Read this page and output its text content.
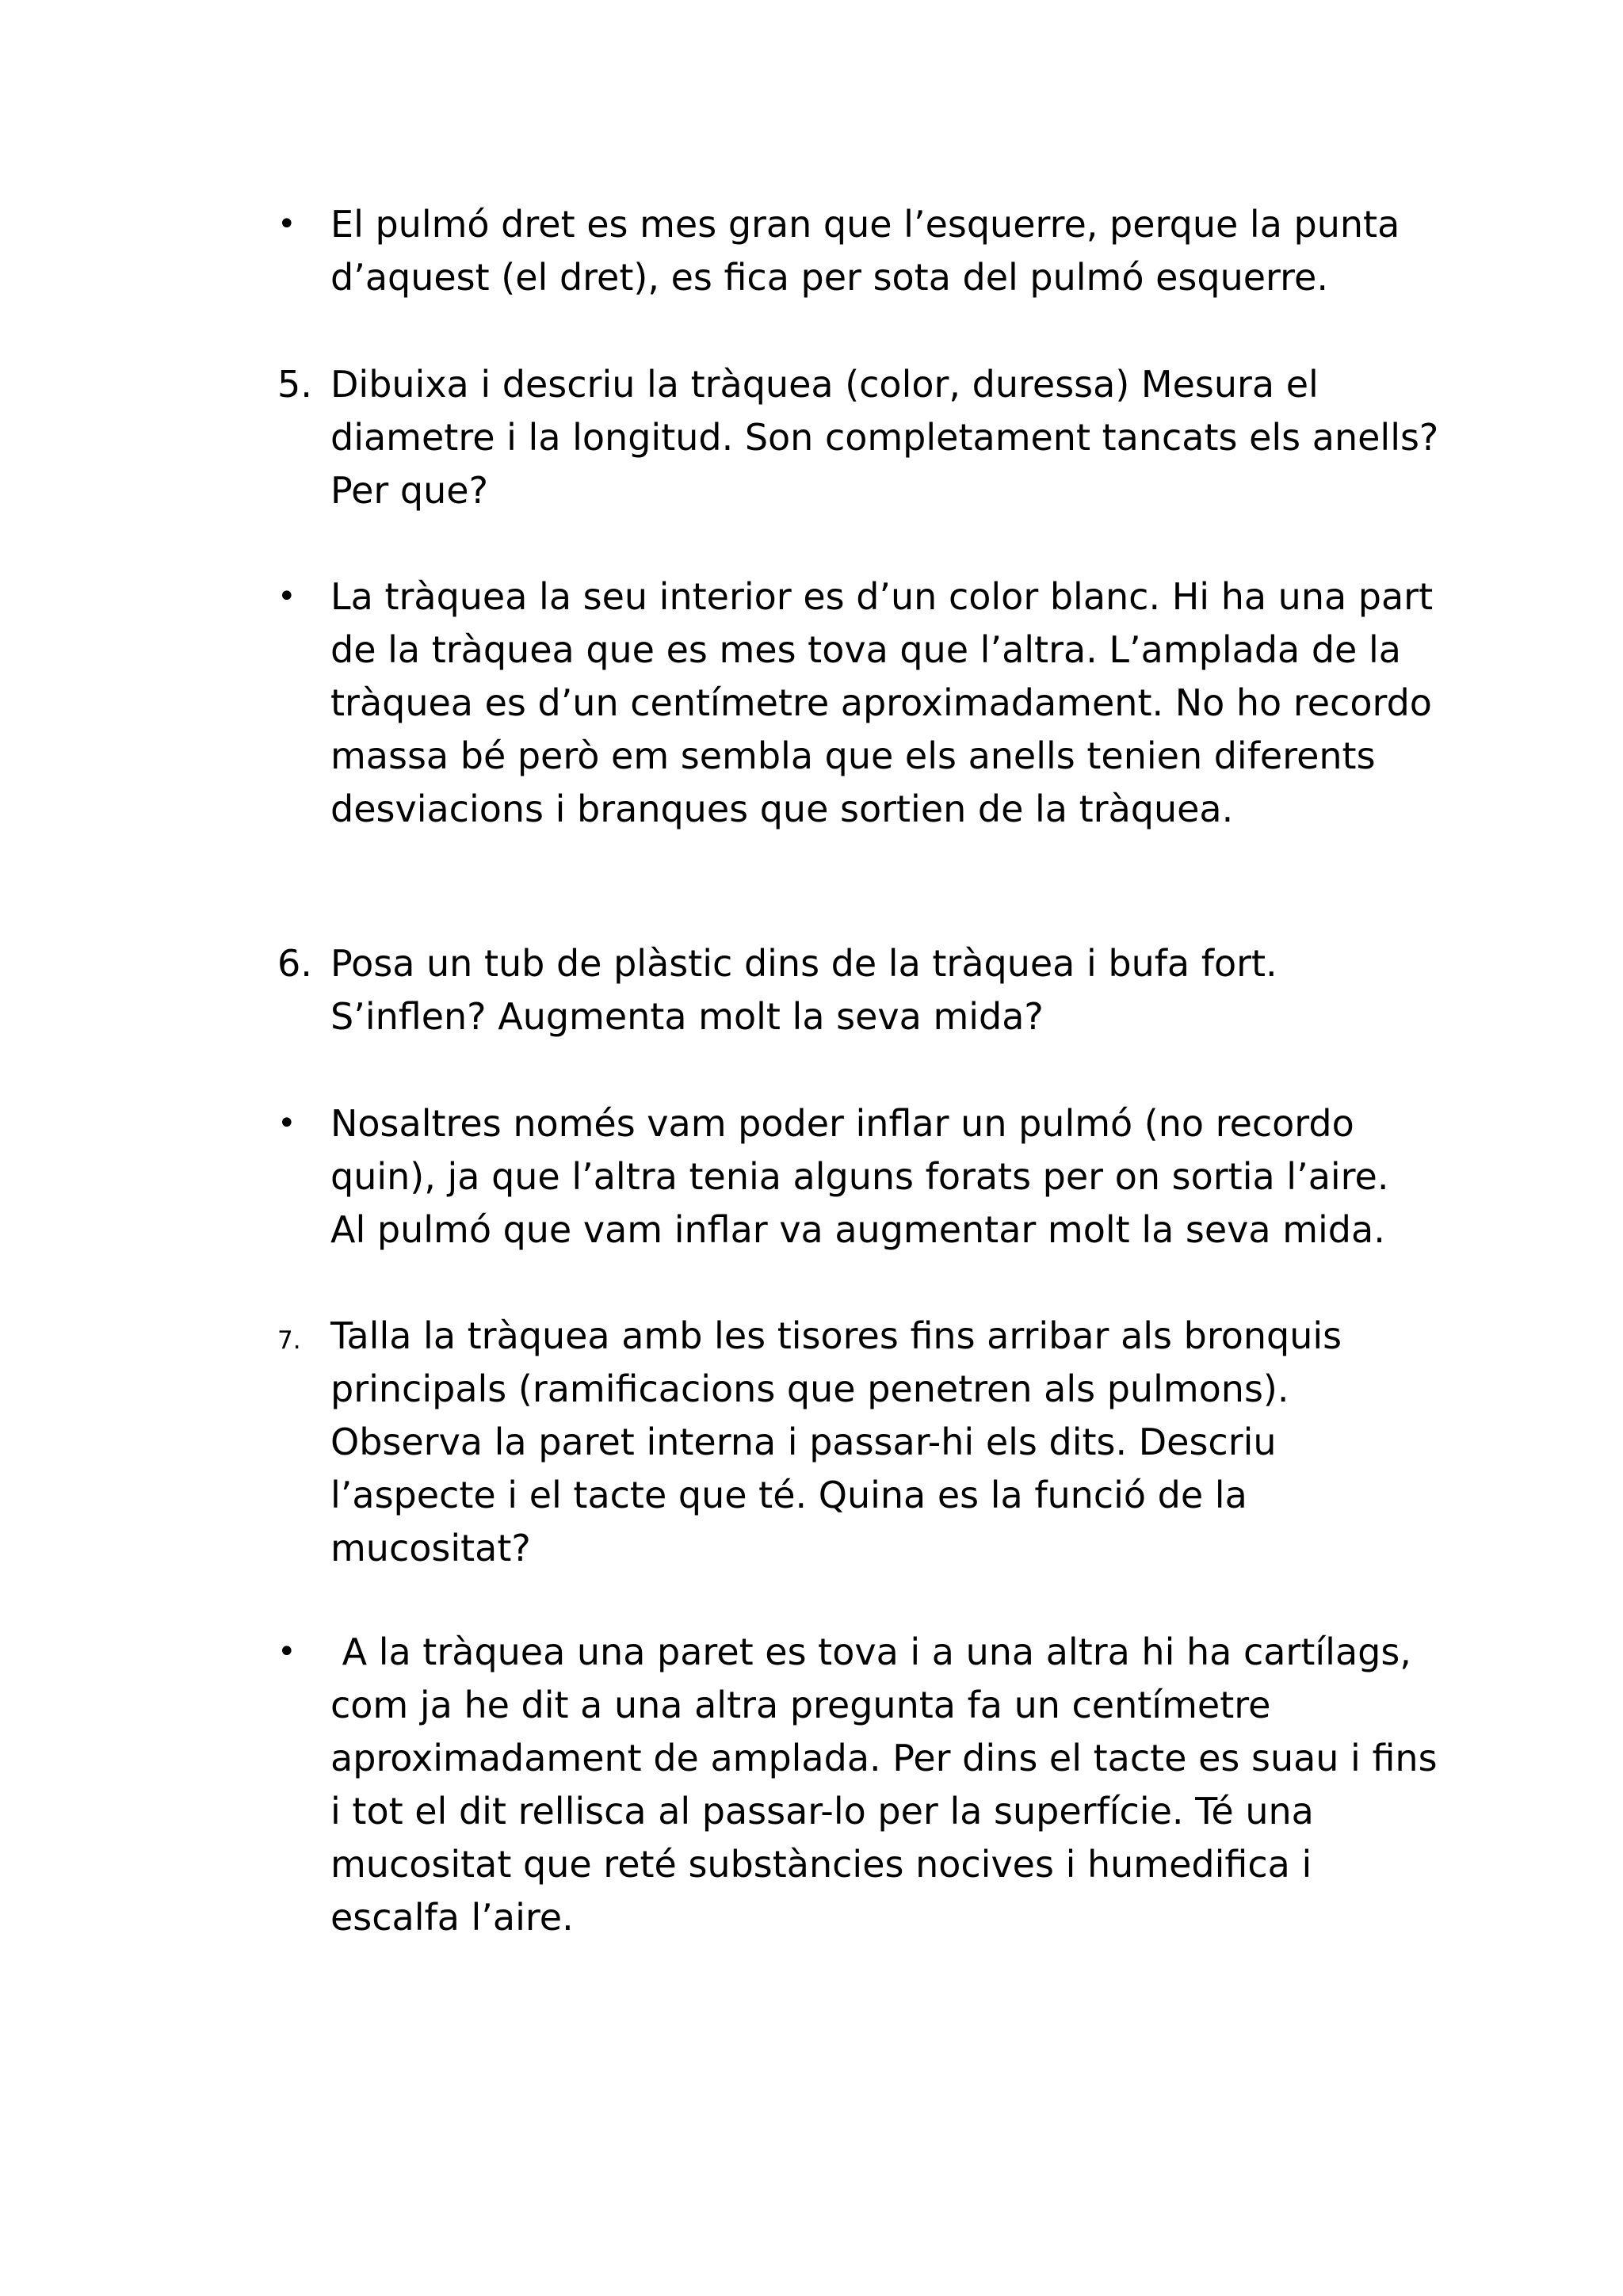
• El pulmó dret es mes gran que l’esquerre, perque la punta
d’aquest (el dret), es fica per sota del pulmó esquerre.
5. Dibuixa i descriu la tràquea (color, duressa) Mesura el
diametre i la longitud. Son completament tancats els anells?
Per que?
• La tràquea la seu interior es d’un color blanc. Hi ha una part
de la tràquea que es mes tova que l’altra. L’amplada de la
tràquea es d’un centímetre aproximadament. No ho recordo
massa bé però em sembla que els anells tenien diferents
desviacions i branques que sortien de la tràquea.
6. Posa un tub de plàstic dins de la tràquea i bufa fort.
S’inflen? Augmenta molt la seva mida?
• Nosaltres només vam poder inflar un pulmó (no recordo
quin), ja que l’altra tenia alguns forats per on sortia l’aire.
Al pulmó que vam inflar va augmentar molt la seva mida.
7. Talla la tràquea amb les tisores fins arribar als bronquis
principals (ramificacions que penetren als pulmons).
Observa la paret interna i passar-hi els dits. Descriu
l’aspecte i el tacte que té. Quina es la funció de la
mucositat?
• A la tràquea una paret es tova i a una altra hi ha cartílags,
com ja he dit a una altra pregunta fa un centímetre
aproximadament de amplada. Per dins el tacte es suau i fins
i tot el dit rellisca al passar-lo per la superfície. Té una
mucositat que reté substàncies nocives i humedifica i
escalfa l’aire.
